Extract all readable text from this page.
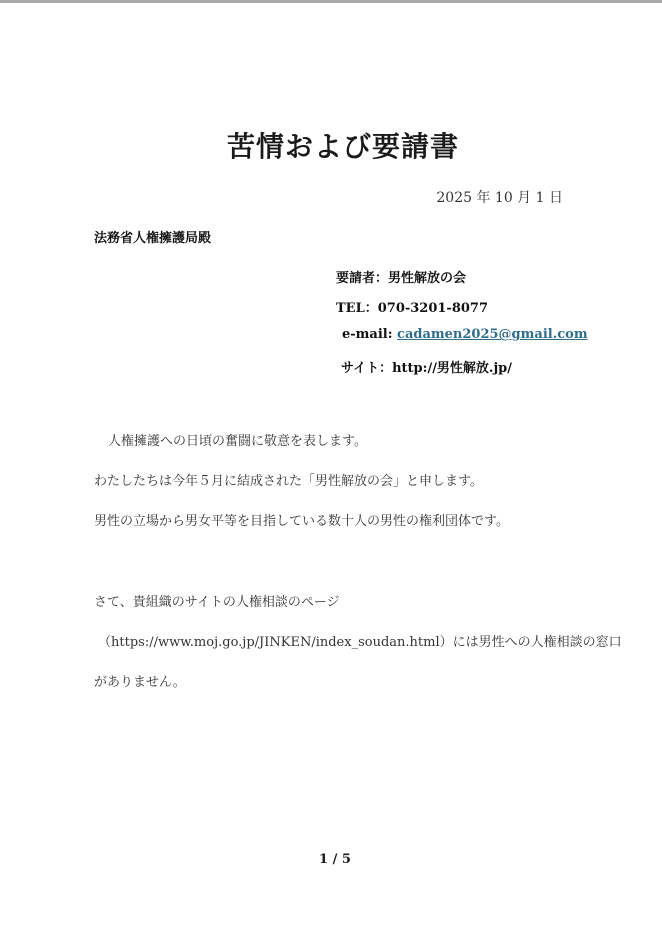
苦情および要請書
2025 年 10 月 1 日
法務省人権擁護局殿
要請者：男性解放の会
TEL：070-3201-8077
e-mail: cadamen2025@gmail.com
サイト：http://男性解放.jp/
人権擁護への日頃の奮闘に敬意を表します。
わたしたちは今年５月に結成された「男性解放の会」と申します。
男性の立場から男女平等を目指している数十人の男性の権利団体です。
さて、貴組織のサイトの人権相談のページ
（https://www.moj.go.jp/JINKEN/index_soudan.html）には男性への人権相談の窓口
がありません。
1 / 5
